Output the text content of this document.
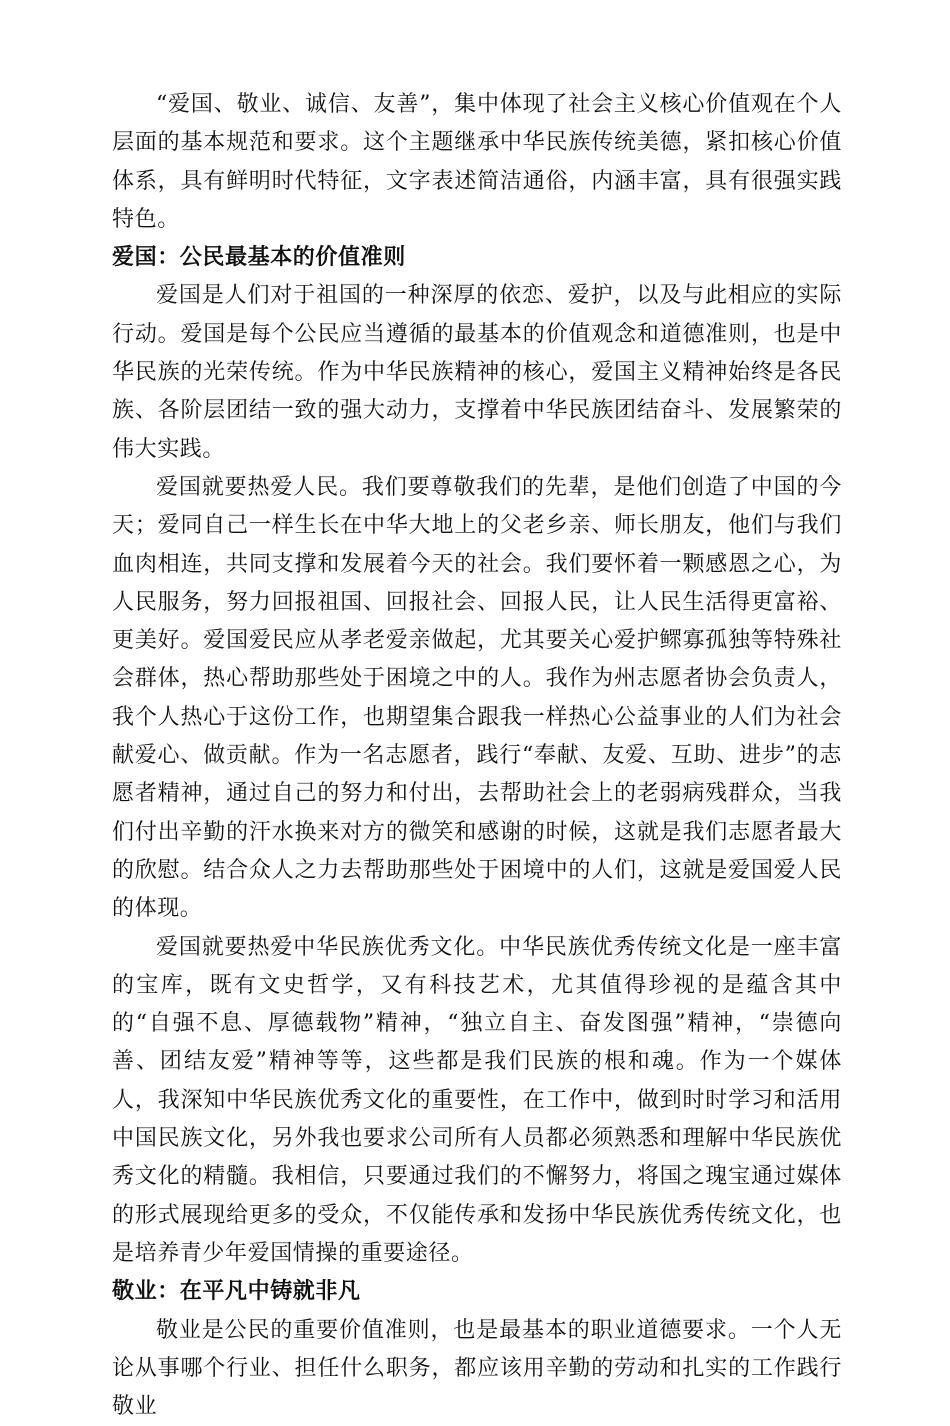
“爱国、敬业、诚信、友善”，集中体现了社会主义核心价值观在个人层面的基本规范和要求。这个主题继承中华民族传统美德，紧扣核心价值体系，具有鲜明时代特征，文字表述简洁通俗，内涵丰富，具有很强实践特色。

爱国：公民最基本的价值准则

爱国是人们对于祖国的一种深厚的依恋、爱护，以及与此相应的实际行动。爱国是每个公民应当遵循的最基本的价值观念和道德准则，也是中华民族的光荣传统。作为中华民族精神的核心，爱国主义精神始终是各民族、各阶层团结一致的强大动力，支撑着中华民族团结奋斗、发展繁荣的伟大实践。

爱国就要热爱人民。我们要尊敬我们的先辈，是他们创造了中国的今天；爱同自己一样生长在中华大地上的父老乡亲、师长朋友，他们与我们血肉相连，共同支撑和发展着今天的社会。我们要怀着一颗感恩之心，为人民服务，努力回报祖国、回报社会、回报人民，让人民生活得更富裕、更美好。爱国爱民应从孝老爱亲做起，尤其要关心爱护鳏寡孤独等特殊社会群体，热心帮助那些处于困境之中的人。我作为州志愿者协会负责人，我个人热心于这份工作，也期望集合跟我一样热心公益事业的人们为社会献爱心、做贡献。作为一名志愿者，践行“奉献、友爱、互助、进步”的志愿者精神，通过自己的努力和付出，去帮助社会上的老弱病残群众，当我们付出辛勤的汗水换来对方的微笑和感谢的时候，这就是我们志愿者最大的欣慰。结合众人之力去帮助那些处于困境中的人们，这就是爱国爱人民的体现。

爱国就要热爱中华民族优秀文化。中华民族优秀传统文化是一座丰富的宝库，既有文史哲学，又有科技艺术，尤其值得珍视的是蕴含其中的“自强不息、厚德载物”精神，“独立自主、奋发图强”精神，“崇德向善、团结友爱”精神等等，这些都是我们民族的根和魂。作为一个媒体人，我深知中华民族优秀文化的重要性，在工作中，做到时时学习和活用中国民族文化，另外我也要求公司所有人员都必须熟悉和理解中华民族优秀文化的精髓。我相信，只要通过我们的不懈努力，将国之瑰宝通过媒体的形式展现给更多的受众，不仅能传承和发扬中华民族优秀传统文化，也是培养青少年爱国情操的重要途径。

敬业：在平凡中铸就非凡

敬业是公民的重要价值准则，也是最基本的职业道德要求。一个人无论从事哪个行业、担任什么职务，都应该用辛勤的劳动和扎实的工作践行敬业
